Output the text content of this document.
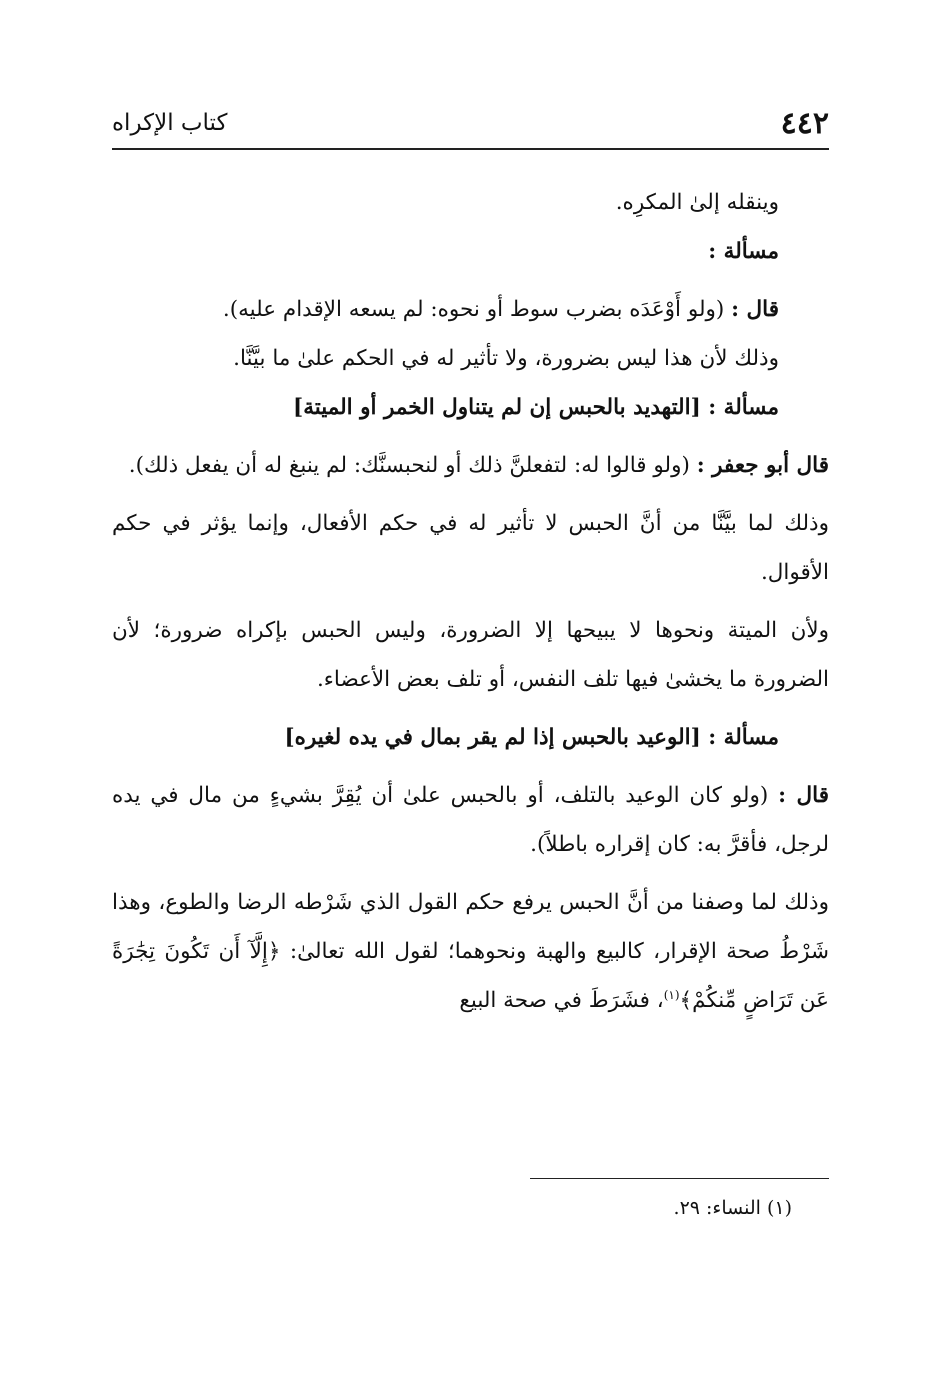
٤٤٢
كتاب الإكراه

وينقله إلىٰ المكرِه.

مسألة :

قال : (ولو أَوْعَدَه بضرب سوط أو نحوه: لم يسعه الإقدام عليه).

وذلك لأن هذا ليس بضرورة، ولا تأثير له في الحكم علىٰ ما بيَّنَّا.

مسألة : [التهديد بالحبس إن لم يتناول الخمر أو الميتة]

قال أبو جعفر : (ولو قالوا له: لتفعلنَّ ذلك أو لنحبسنَّك: لم ينبغ له أن يفعل ذلك).

وذلك لما بيَّنَّا من أنَّ الحبس لا تأثير له في حكم الأفعال، وإنما يؤثر في حكم الأقوال.

ولأن الميتة ونحوها لا يبيحها إلا الضرورة، وليس الحبس بإكراه ضرورة؛ لأن الضرورة ما يخشىٰ فيها تلف النفس، أو تلف بعض الأعضاء.

مسألة : [الوعيد بالحبس إذا لم يقر بمال في يده لغيره]

قال : (ولو كان الوعيد بالتلف، أو بالحبس علىٰ أن يُقِرَّ بشيءٍ من مال في يده لرجل، فأقرَّ به: كان إقراره باطلاً).

وذلك لما وصفنا من أنَّ الحبس يرفع حكم القول الذي شَرْطه الرضا والطوع، وهذا شَرْطُ صحة الإقرار، كالبيع والهبة ونحوهما؛ لقول الله تعالىٰ: ﴿إِلَّآ أَن تَكُونَ تِجَٰرَةً عَن تَرَاضٍ مِّنكُمْ﴾$^{(١)}$، فشَرَطَ في صحة البيع

(١) النساء: ٢٩.
